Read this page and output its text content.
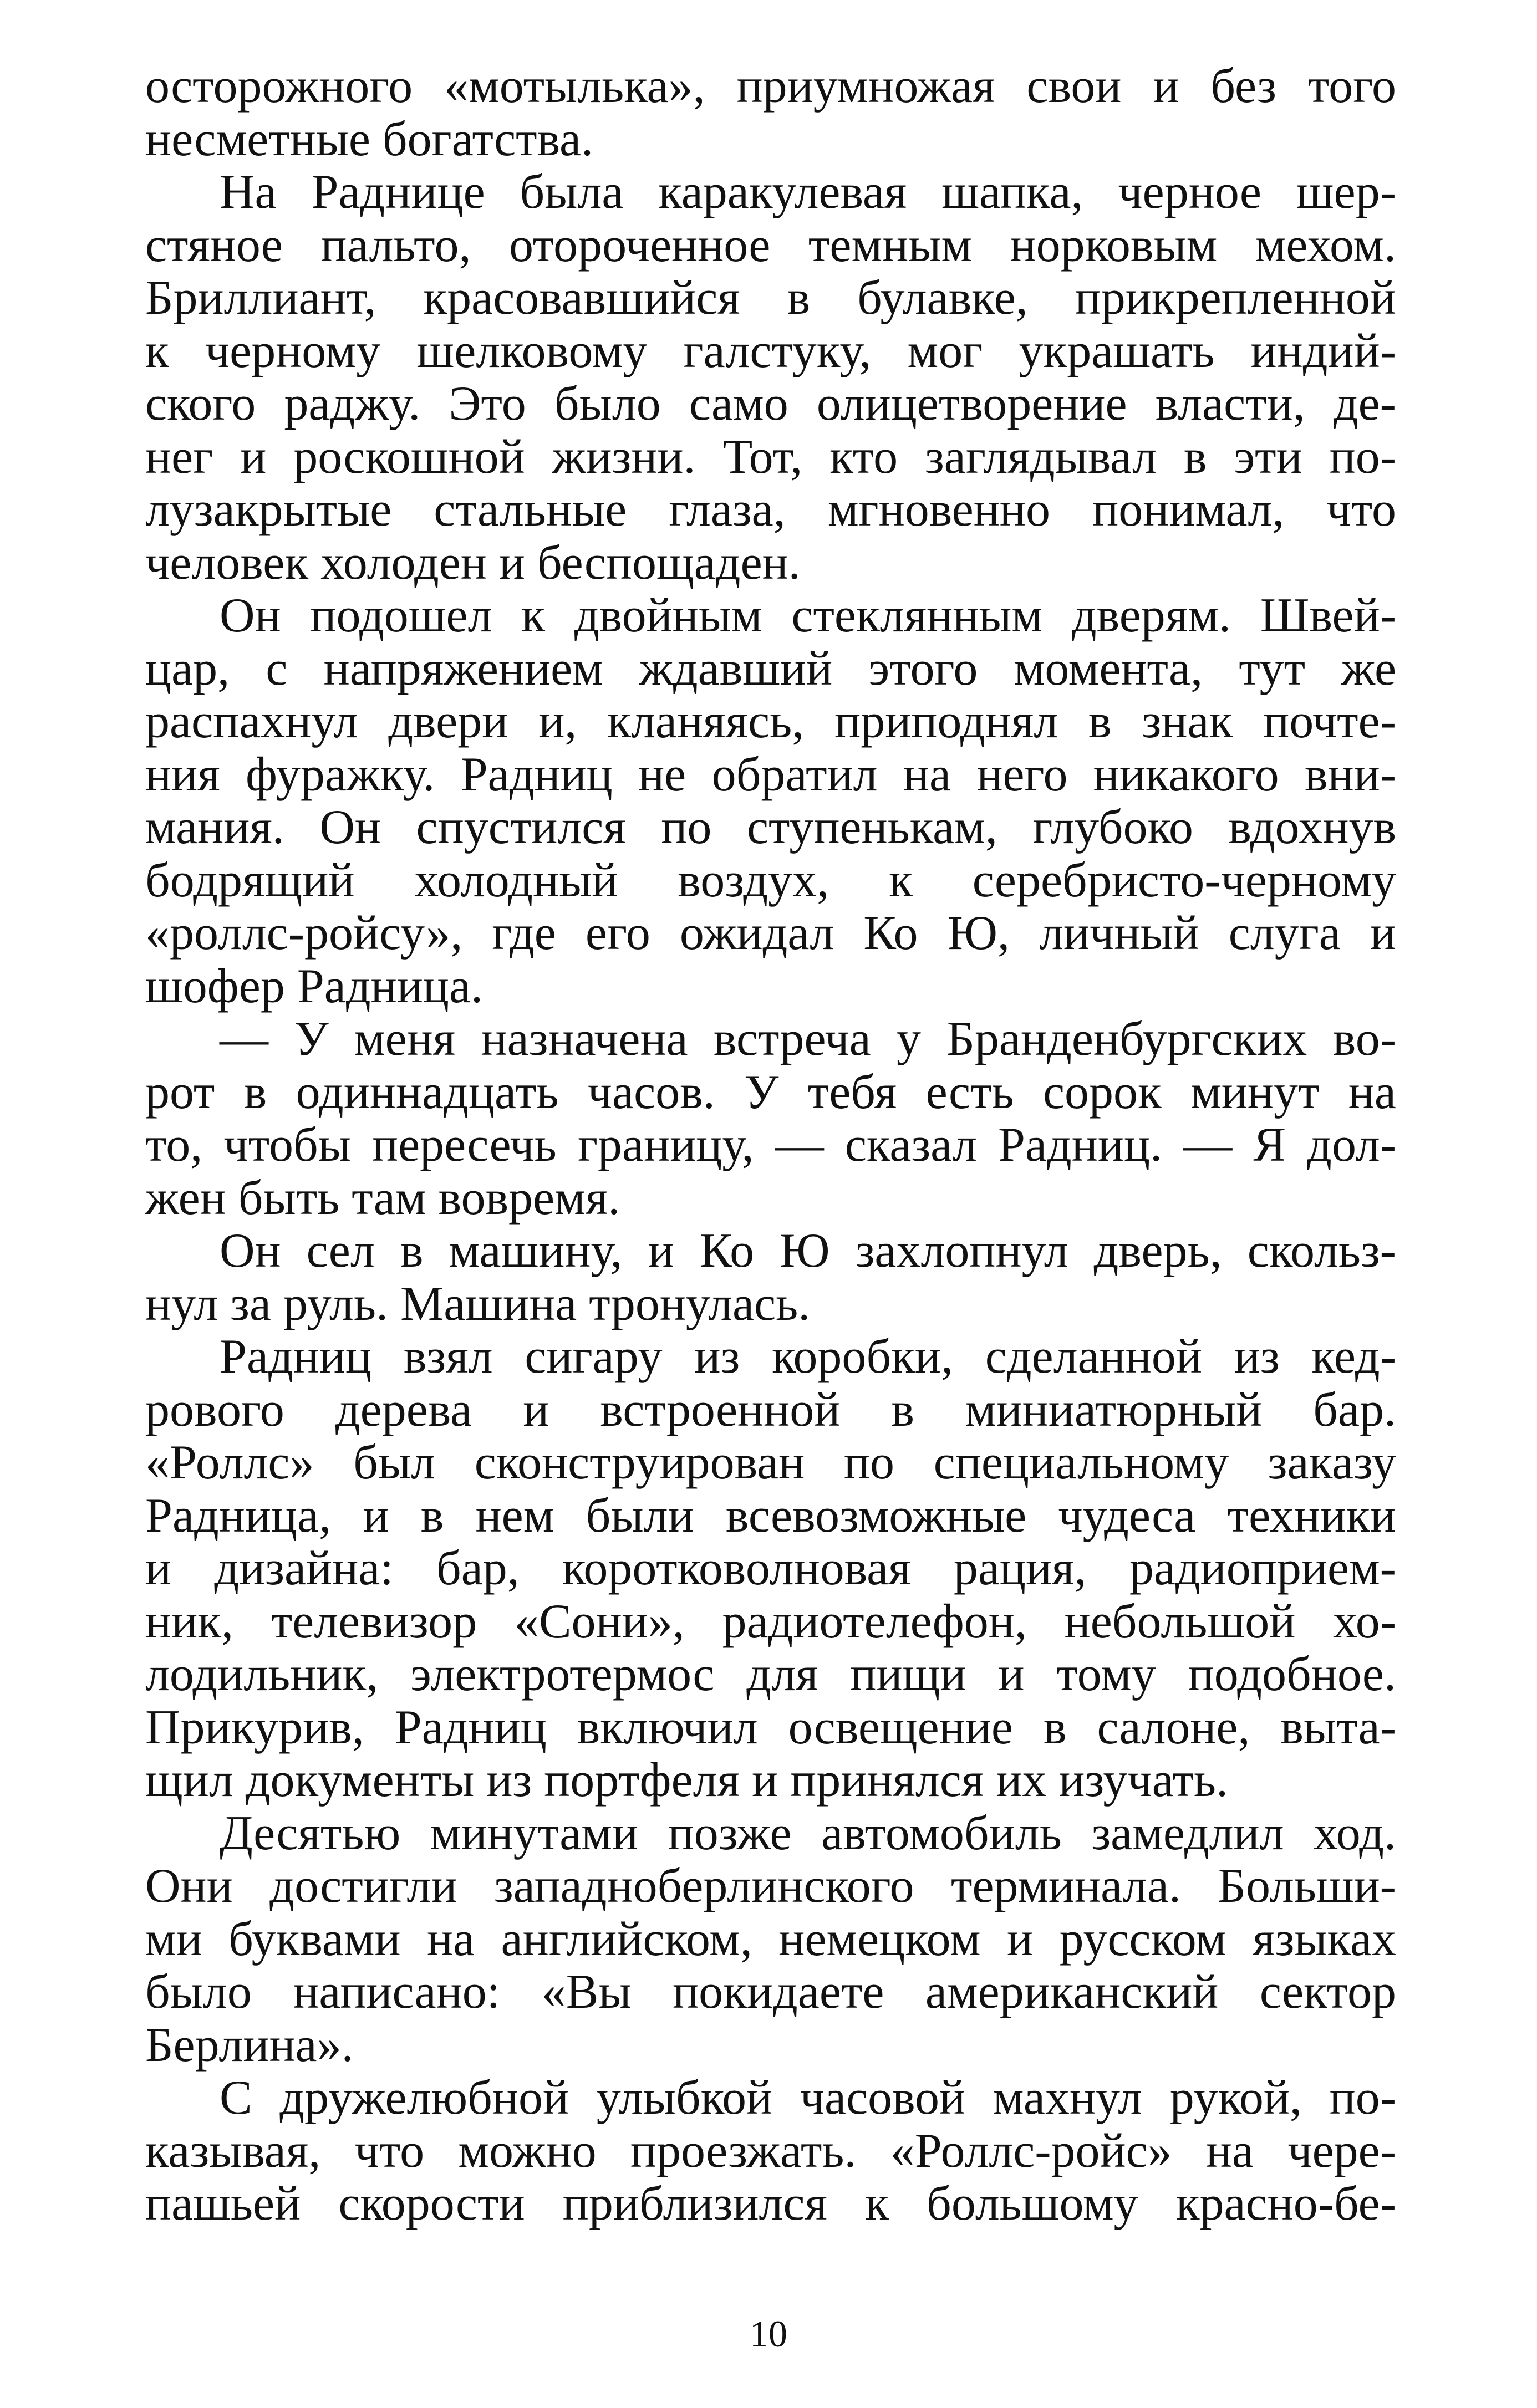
осторожного «мотылька», приумножая свои и без того
несметные богатства.
На Раднице была каракулевая шапка, черное шер-
стяное пальто, отороченное темным норковым мехом.
Бриллиант, красовавшийся в булавке, прикрепленной
к черному шелковому галстуку, мог украшать индий-
ского раджу. Это было само олицетворение власти, де-
нег и роскошной жизни. Тот, кто заглядывал в эти по-
лузакрытые стальные глаза, мгновенно понимал, что
человек холоден и беспощаден.
Он подошел к двойным стеклянным дверям. Швей-
цар, с напряжением ждавший этого момента, тут же
распахнул двери и, кланяясь, приподнял в знак почте-
ния фуражку. Радниц не обратил на него никакого вни-
мания. Он спустился по ступенькам, глубоко вдохнув
бодрящий холодный воздух, к серебристо-черному
«роллс-ройсу», где его ожидал Ко Ю, личный слуга и
шофер Радница.
— У меня назначена встреча у Бранденбургских во-
рот в одиннадцать часов. У тебя есть сорок минут на
то, чтобы пересечь границу, — сказал Радниц. — Я дол-
жен быть там вовремя.
Он сел в машину, и Ко Ю захлопнул дверь, скольз-
нул за руль. Машина тронулась.
Радниц взял сигару из коробки, сделанной из кед-
рового дерева и встроенной в миниатюрный бар.
«Роллс» был сконструирован по специальному заказу
Радница, и в нем были всевозможные чудеса техники
и дизайна: бар, коротковолновая рация, радиоприем-
ник, телевизор «Сони», радиотелефон, небольшой хо-
лодильник, электротермос для пищи и тому подобное.
Прикурив, Радниц включил освещение в салоне, выта-
щил документы из портфеля и принялся их изучать.
Десятью минутами позже автомобиль замедлил ход.
Они достигли западноберлинского терминала. Больши-
ми буквами на английском, немецком и русском языках
было написано: «Вы покидаете американский сектор
Берлина».
С дружелюбной улыбкой часовой махнул рукой, по-
казывая, что можно проезжать. «Роллс-ройс» на чере-
пашьей скорости приблизился к большому красно-бе-
10
